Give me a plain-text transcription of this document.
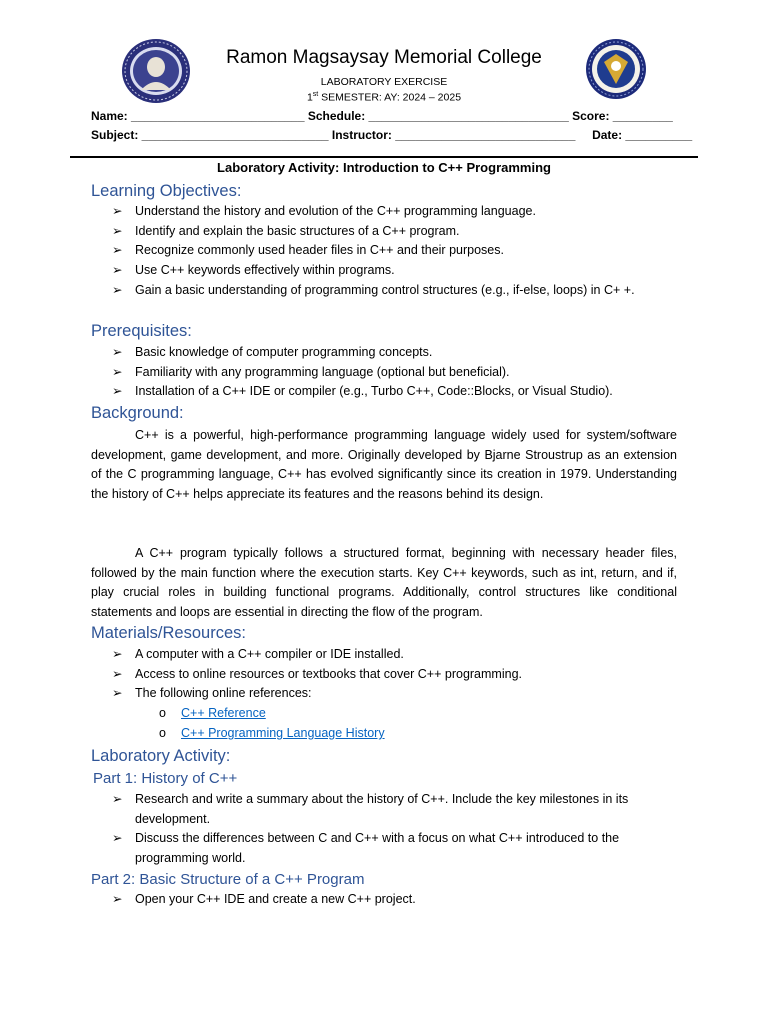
Ramon Magsaysay Memorial College
LABORATORY EXERCISE
1st SEMESTER: AY: 2024 – 2025
Name: __________________________ Schedule: ______________________________ Score: _________
Subject: ____________________________ Instructor: ___________________________     Date: __________
Laboratory Activity: Introduction to C++ Programming
Learning Objectives:
➢ Understand the history and evolution of the C++ programming language.
➢ Identify and explain the basic structures of a C++ program.
➢ Recognize commonly used header files in C++ and their purposes.
➢ Use C++ keywords effectively within programs.
➢ Gain a basic understanding of programming control structures (e.g., if-else, loops) in C+ +.
Prerequisites:
➢ Basic knowledge of computer programming concepts.
➢ Familiarity with any programming language (optional but beneficial).
➢ Installation of a C++ IDE or compiler (e.g., Turbo C++, Code::Blocks, or Visual Studio).
Background:
C++ is a powerful, high-performance programming language widely used for system/software development, game development, and more. Originally developed by Bjarne Stroustrup as an extension of the C programming language, C++ has evolved significantly since its creation in 1979. Understanding the history of C++ helps appreciate its features and the reasons behind its design.
A C++ program typically follows a structured format, beginning with necessary header files, followed by the main function where the execution starts. Key C++ keywords, such as int, return, and if, play crucial roles in building functional programs. Additionally, control structures like conditional statements and loops are essential in directing the flow of the program.
Materials/Resources:
➢ A computer with a C++ compiler or IDE installed.
➢ Access to online resources or textbooks that cover C++ programming.
➢ The following online references:
o C++ Reference
o C++ Programming Language History
Laboratory Activity:
Part 1: History of C++
➢ Research and write a summary about the history of C++. Include the key milestones in its development.
➢ Discuss the differences between C and C++ with a focus on what C++ introduced to the programming world.
Part 2: Basic Structure of a C++ Program
➢ Open your C++ IDE and create a new C++ project.
